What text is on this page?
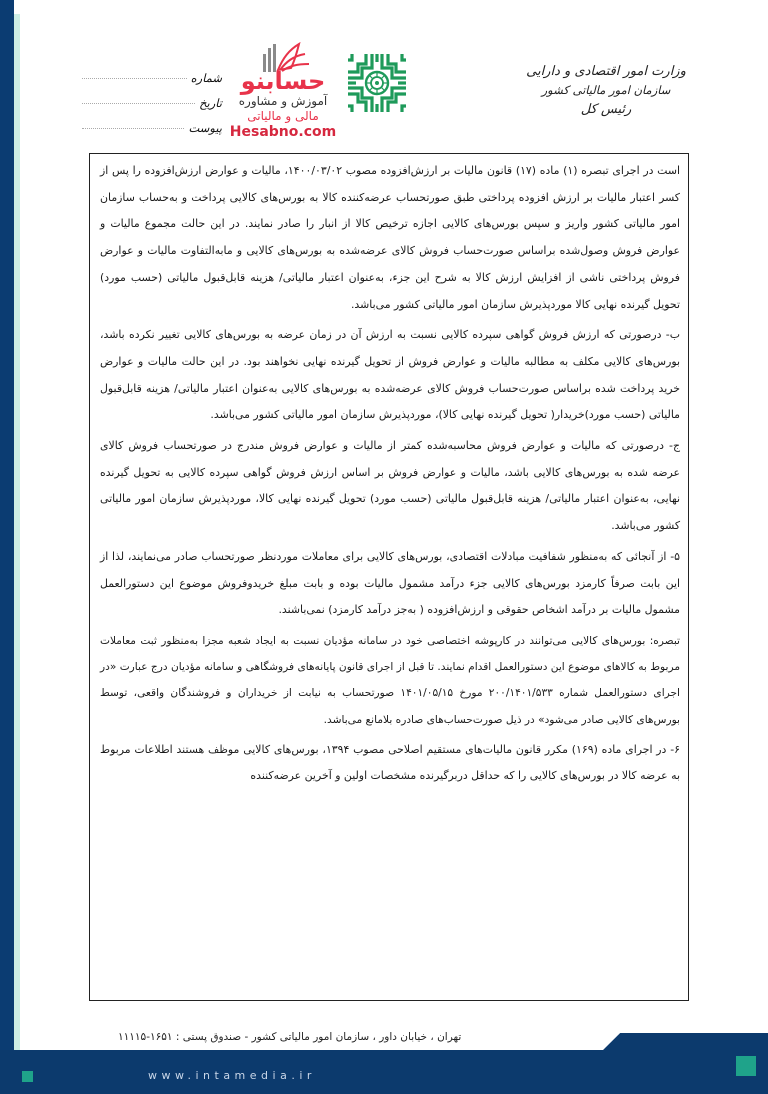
وزارت امور اقتصادی و دارایی
سازمان امور مالیاتی کشور
رئیس کل
حسابنو
آموزش و مشاوره
مالی و مالیاتی
Hesabno.com
شماره
تاریخ
پیوست

است در اجرای تبصره (۱) ماده (۱۷) قانون مالیات بر ارزش‌افزوده مصوب ۱۴۰۰/۰۳/۰۲، مالیات و عوارض ارزش‌افزوده را پس از کسر اعتبار مالیات بر ارزش افزوده پرداختی طبق صورتحساب عرضه‌کننده کالا به بورس‌های کالایی پرداخت و به‌حساب سازمان امور مالیاتی کشور واریز و سپس بورس‌های کالایی اجازه ترخیص کالا از انبار را صادر نمایند. در این حالت مجموع مالیات و عوارض فروش وصول‌شده براساس صورت‌حساب فروش کالای عرضه‌شده به بورس‌های کالایی و مابه‌التفاوت مالیات و عوارض فروش پرداختی ناشی از افزایش ارزش کالا به شرح این جزء، به‌عنوان اعتبار مالیاتی/ هزینه قابل‌قبول مالیاتی (حسب مورد) تحویل گیرنده نهایی کالا موردپذیرش سازمان امور مالیاتی کشور می‌باشد.

ب- درصورتی که ارزش فروش گواهی سپرده کالایی نسبت به ارزش آن در زمان عرضه به بورس‌های کالایی تغییر نکرده باشد، بورس‌های کالایی مکلف به مطالبه مالیات و عوارض فروش از تحویل گیرنده نهایی نخواهند بود. در این حالت مالیات و عوارض خرید پرداخت شده براساس صورت‌حساب فروش کالای عرضه‌شده به بورس‌های کالایی به‌عنوان اعتبار مالیاتی/ هزینه قابل‌قبول مالیاتی (حسب مورد)خریدار( تحویل گیرنده نهایی کالا)، موردپذیرش سازمان امور مالیاتی کشور می‌باشد.

ج- درصورتی که مالیات و عوارض فروش محاسبه‌شده کمتر از مالیات و عوارض فروش مندرج در صورتحساب فروش کالای عرضه شده به بورس‌های کالایی باشد، مالیات و عوارض فروش بر اساس ارزش فروش گواهی سپرده کالایی به تحویل گیرنده نهایی، به‌عنوان اعتبار مالیاتی/ هزینه قابل‌قبول مالیاتی (حسب مورد) تحویل گیرنده نهایی کالا، موردپذیرش سازمان امور مالیاتی کشور می‌باشد.

۵- از آنجائی که به‌منظور شفافیت مبادلات اقتصادی، بورس‌های کالایی برای معاملات موردنظر صورتحساب صادر می‌نمایند، لذا از این بابت صرفاً کارمزد بورس‌های کالایی جزء درآمد مشمول مالیات بوده و بابت مبلغ خریدوفروش موضوع این دستورالعمل مشمول مالیات بر درآمد اشخاص حقوقی و ارزش‌افزوده ( به‌جز درآمد کارمزد) نمی‌باشند.

تبصره: بورس‌های کالایی می‌توانند در کارپوشه اختصاصی خود در سامانه مؤدیان نسبت به ایجاد شعبه مجزا به‌منظور ثبت معاملات مربوط به کالاهای موضوع این دستورالعمل اقدام نمایند. تا قبل از اجرای قانون پایانه‌های فروشگاهی و سامانه مؤدیان درج عبارت «در اجرای دستورالعمل شماره ۲۰۰/۱۴۰۱/۵۳۳ مورخ ۱۴۰۱/۰۵/۱۵ صورتحساب به نیابت از خریداران و فروشندگان واقعی، توسط بورس‌های کالایی صادر می‌شود» در ذیل صورت‌حساب‌های صادره بلامانع می‌باشد.

۶- در اجرای ماده (۱۶۹) مکرر قانون مالیات‌های مستقیم اصلاحی مصوب ۱۳۹۴، بورس‌های کالایی موظف هستند اطلاعات مربوط به عرضه کالا در بورس‌های کالایی را که حداقل دربرگیرنده مشخصات اولین و آخرین عرضه‌کننده

تهران ، خیابان داور ، سازمان امور مالیاتی کشور - صندوق پستی : ۱۶۵۱-۱۱۱۱۵
www.intamedia.ir
